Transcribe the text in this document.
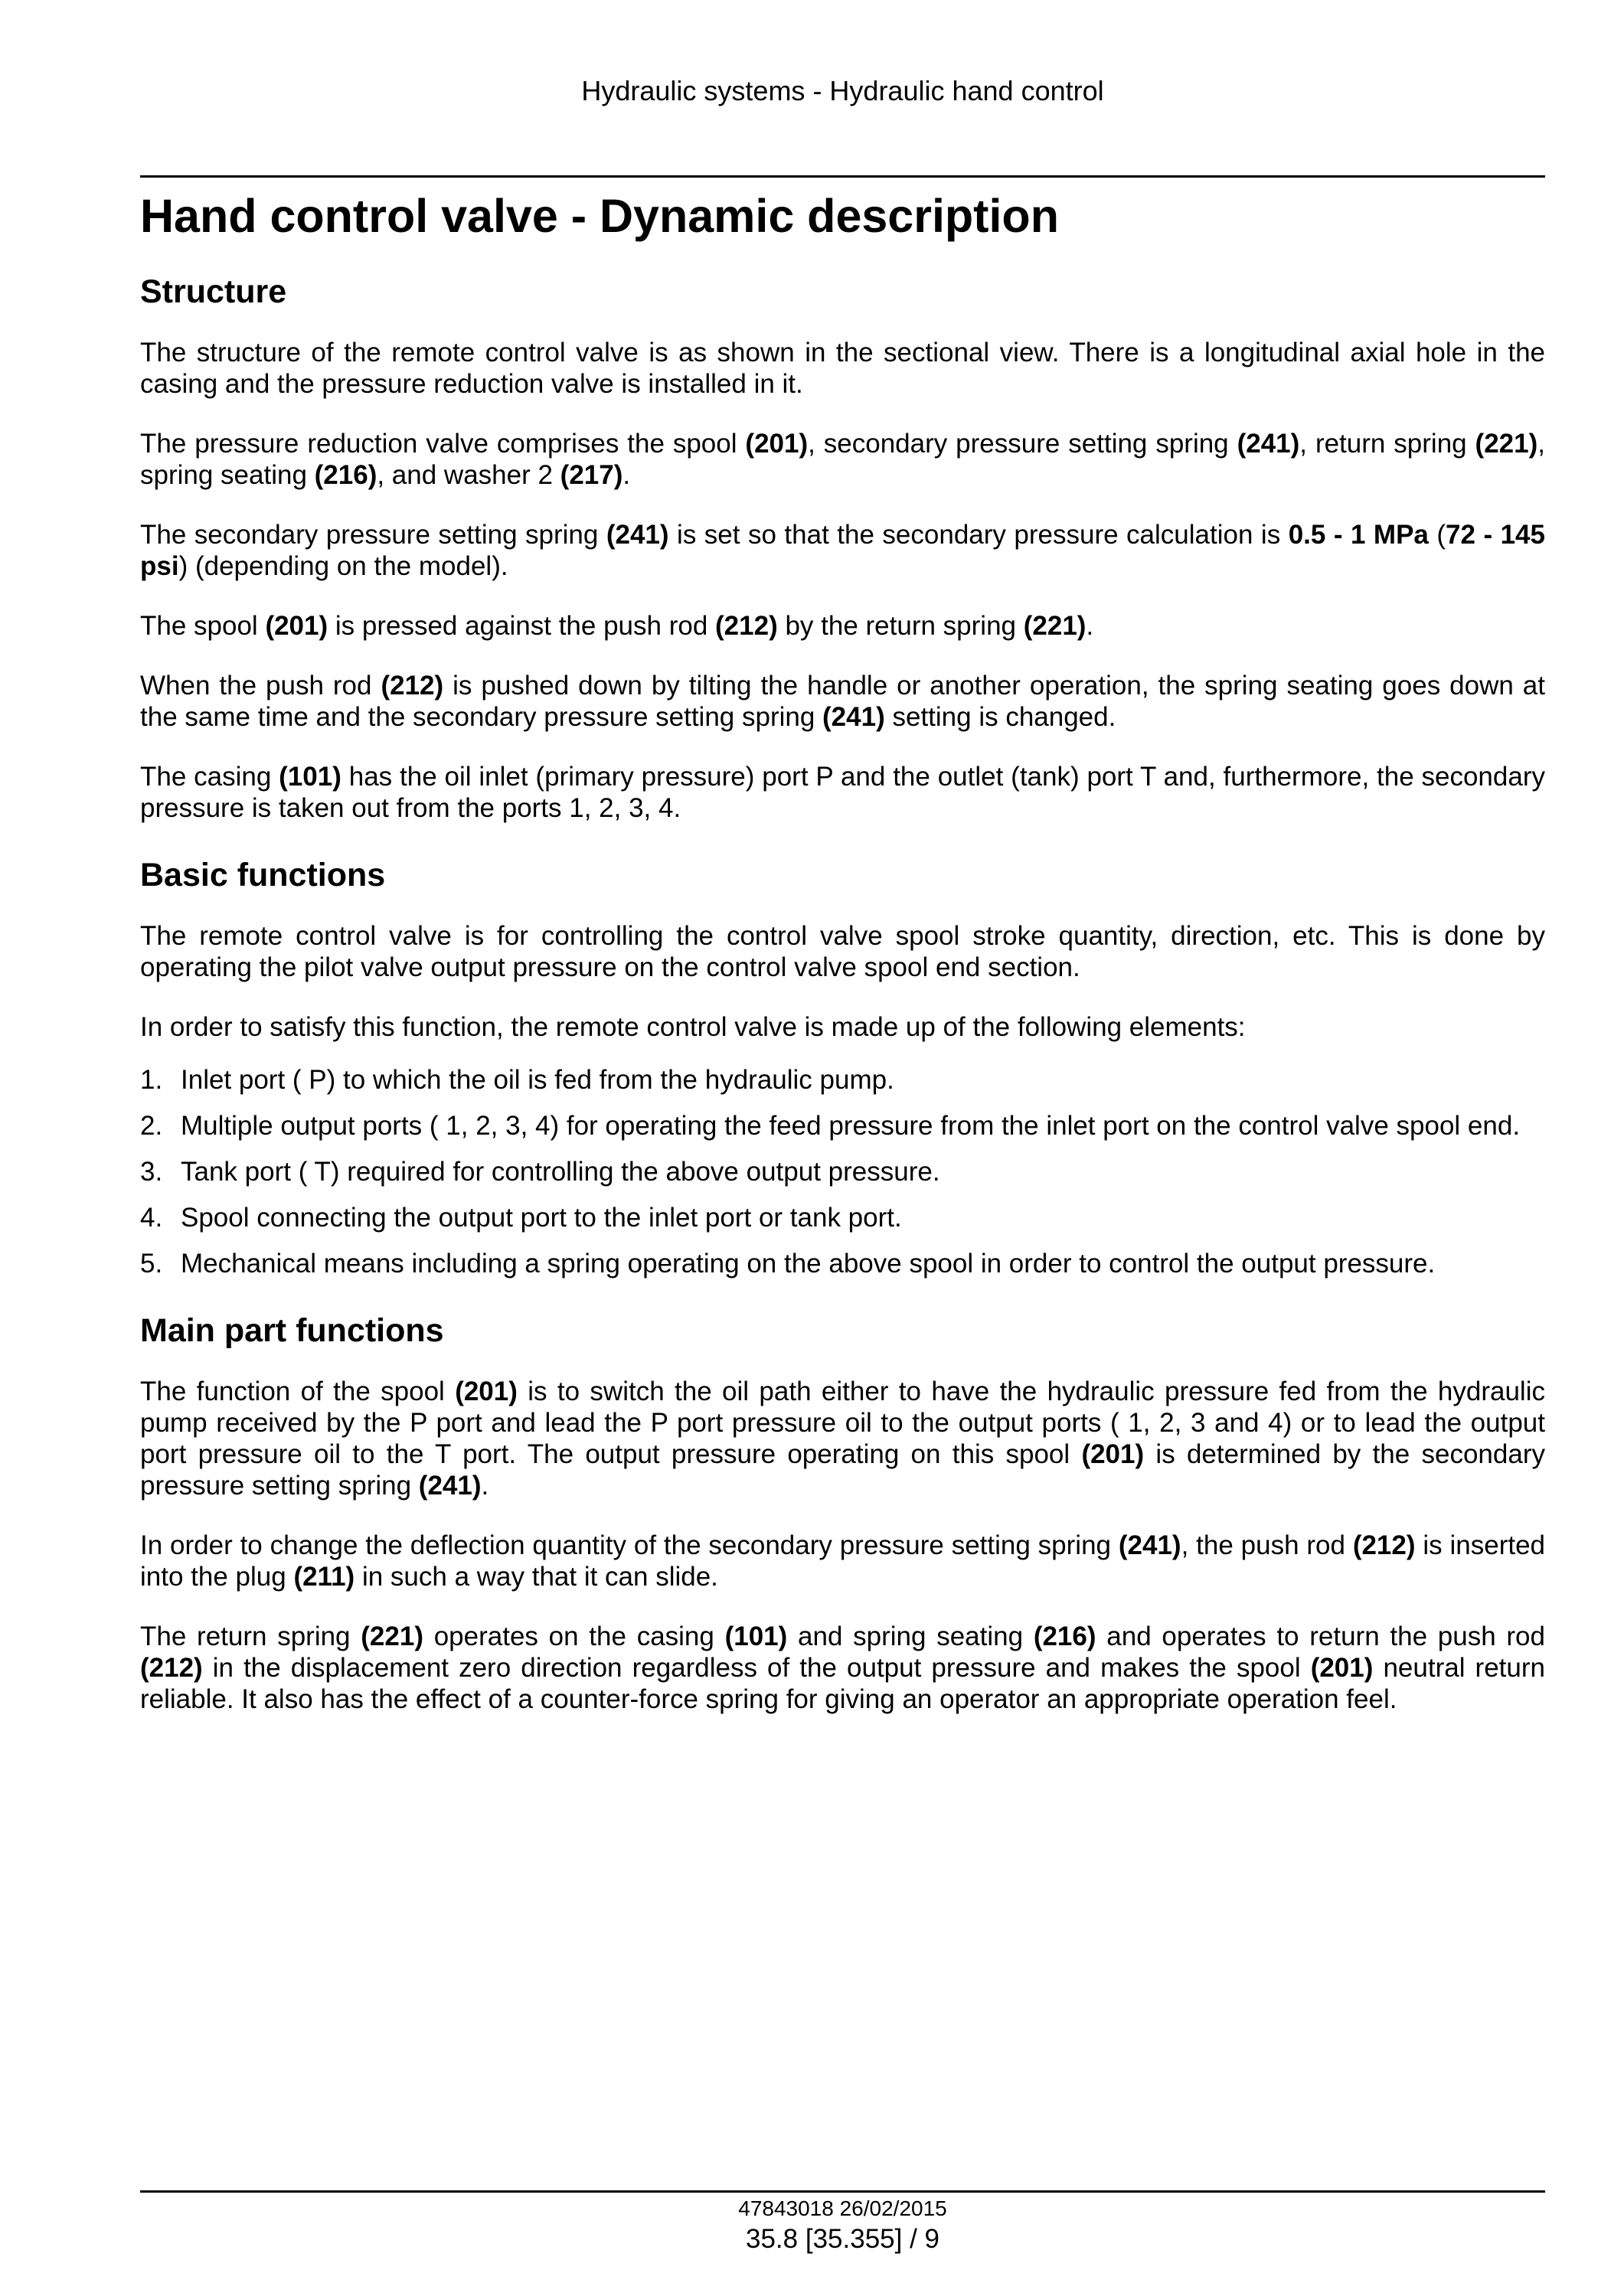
Hydraulic systems - Hydraulic hand control
Hand control valve - Dynamic description
Structure

The structure of the remote control valve is as shown in the sectional view. There is a longitudinal axial hole in the casing and the pressure reduction valve is installed in it.

The pressure reduction valve comprises the spool (201), secondary pressure setting spring (241), return spring (221), spring seating (216), and washer 2 (217).

The secondary pressure setting spring (241) is set so that the secondary pressure calculation is 0.5 - 1 MPa (72 - 145 psi) (depending on the model).

The spool (201) is pressed against the push rod (212) by the return spring (221).

When the push rod (212) is pushed down by tilting the handle or another operation, the spring seating goes down at the same time and the secondary pressure setting spring (241) setting is changed.

The casing (101) has the oil inlet (primary pressure) port P and the outlet (tank) port T and, furthermore, the secondary pressure is taken out from the ports 1, 2, 3, 4.

Basic functions

The remote control valve is for controlling the control valve spool stroke quantity, direction, etc. This is done by operating the pilot valve output pressure on the control valve spool end section.

In order to satisfy this function, the remote control valve is made up of the following elements:

1. Inlet port ( P) to which the oil is fed from the hydraulic pump.
2. Multiple output ports ( 1, 2, 3, 4) for operating the feed pressure from the inlet port on the control valve spool end.
3. Tank port ( T) required for controlling the above output pressure.
4. Spool connecting the output port to the inlet port or tank port.
5. Mechanical means including a spring operating on the above spool in order to control the output pressure.
Main part functions

The function of the spool (201) is to switch the oil path either to have the hydraulic pressure fed from the hydraulic pump received by the P port and lead the P port pressure oil to the output ports ( 1, 2, 3 and 4) or to lead the output port pressure oil to the T port. The output pressure operating on this spool (201) is determined by the secondary pressure setting spring (241).

In order to change the deflection quantity of the secondary pressure setting spring (241), the push rod (212) is inserted into the plug (211) in such a way that it can slide.

The return spring (221) operates on the casing (101) and spring seating (216) and operates to return the push rod (212) in the displacement zero direction regardless of the output pressure and makes the spool (201) neutral return reliable. It also has the effect of a counter-force spring for giving an operator an appropriate operation feel.

47843018 26/02/2015
35.8 [35.355] / 9
